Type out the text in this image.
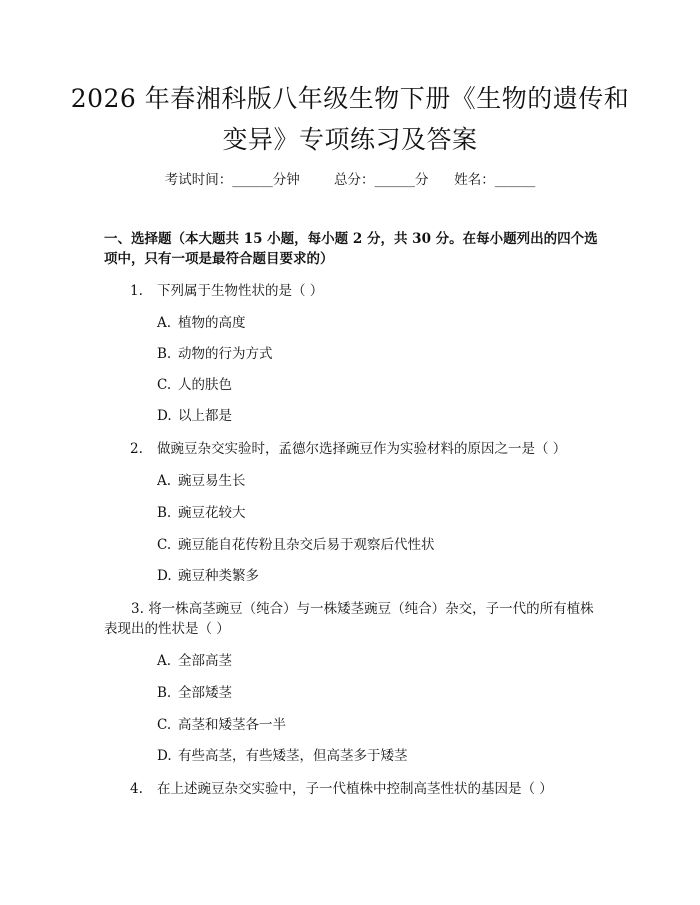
2026 年春湘科版八年级生物下册《生物的遗传和变异》专项练习及答案
考试时间：______分钟	总分：______分 姓名：______
一、选择题（本大题共 15 小题，每小题 2 分，共 30 分。在每小题列出的四个选项中，只有一项是最符合题目要求的）
1. 下列属于生物性状的是（ ）
A. 植物的高度
B. 动物的行为方式
C. 人的肤色
D. 以上都是
2. 做豌豆杂交实验时，孟德尔选择豌豆作为实验材料的原因之一是（ ）
A. 豌豆易生长
B. 豌豆花较大
C. 豌豆能自花传粉且杂交后易于观察后代性状
D. 豌豆种类繁多
3. 将一株高茎豌豆（纯合）与一株矮茎豌豆（纯合）杂交，子一代的所有植株表现出的性状是（ ）
A. 全部高茎
B. 全部矮茎
C. 高茎和矮茎各一半
D. 有些高茎，有些矮茎，但高茎多于矮茎
4. 在上述豌豆杂交实验中，子一代植株中控制高茎性状的基因是（ ）
